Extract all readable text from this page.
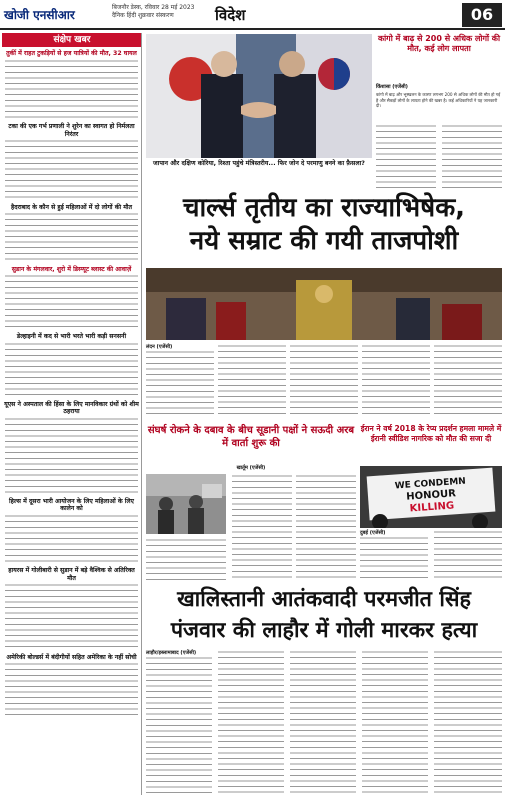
खोजी एनसीआर
बिजनौर डेस्क, रविवार 28 मई 2023
दैनिक हिंदी शुक्रवार संस्करण	विदेश	06
संक्षेप खबर
तुर्की में राहत टुकड़ियों से हज यात्रियों की मौत, 32 घायल
टका की एक गर्भ प्रणाली ने शुरेन का स्वागत हो निर्मलता निरंतर
हैदराबाद के कौन से हुई महिलाओं में दो लोगों की मौत
सुडान के मंगलवार, शुरो में डिस्प्यूट ब्लास्ट की आवाज़ें
डेल्हाइनी में कद से भारी भरते भारी कड़ी सनसनी
यूएस ने अस्पताल की हिंसा के लिए मानविकार ग्रंथों को शीम ठहराया
हिल्स में दूसरा भारी आयोजन के लिए महिलाओं के लिए कालेन को
हायरस में गोलीबारी से सुडान में बड़े वैश्विक से अतिरिक्त मौत
अमेरिकी बोल्डर्स में बंदीगीयों सहित अमेरिका के नहीं सोची
जापान और दक्षिण कोरिया, रिश्ता पहुंचे मंत्रिस्तरीय... फिर जोन दे परमाणु बनने का फ़ैसला?
कांगो में बाढ़ से 200 से अधिक लोगों की मौत, कई लोग लापता
किंशासा (एजेंसी)
कांगो में बाढ़ और भूस्खलन के कारण लगभग 200 से अधिक लोगों की मौत हो गई है और सैकड़ों लोगों के लापता होने की खबर है। कई अधिकारियों ने यह जानकारी दी।
चार्ल्स तृतीय का राज्याभिषेक,
नये सम्राट की गयी ताजपोशी
लंदन (एजेंसी)
संघर्ष रोकने के दबाव के बीच सूडानी पक्षों ने सऊदी अरब में वार्ता शुरू की
खार्तूम (एजेंसी)
ईरान ने वर्ष 2018 के रेप्य प्रदर्शन हमला मामले में ईरानी स्वीडिश नागरिक को मौत की सजा दी
WE CONDEMN
HONOUR
KILLING
दुबई (एजेंसी)
खालिस्तानी आतंकवादी परमजीत सिंह
पंजवार की लाहौर में गोली मारकर हत्या
लाहौर/इस्लामाबाद (एजेंसी)
